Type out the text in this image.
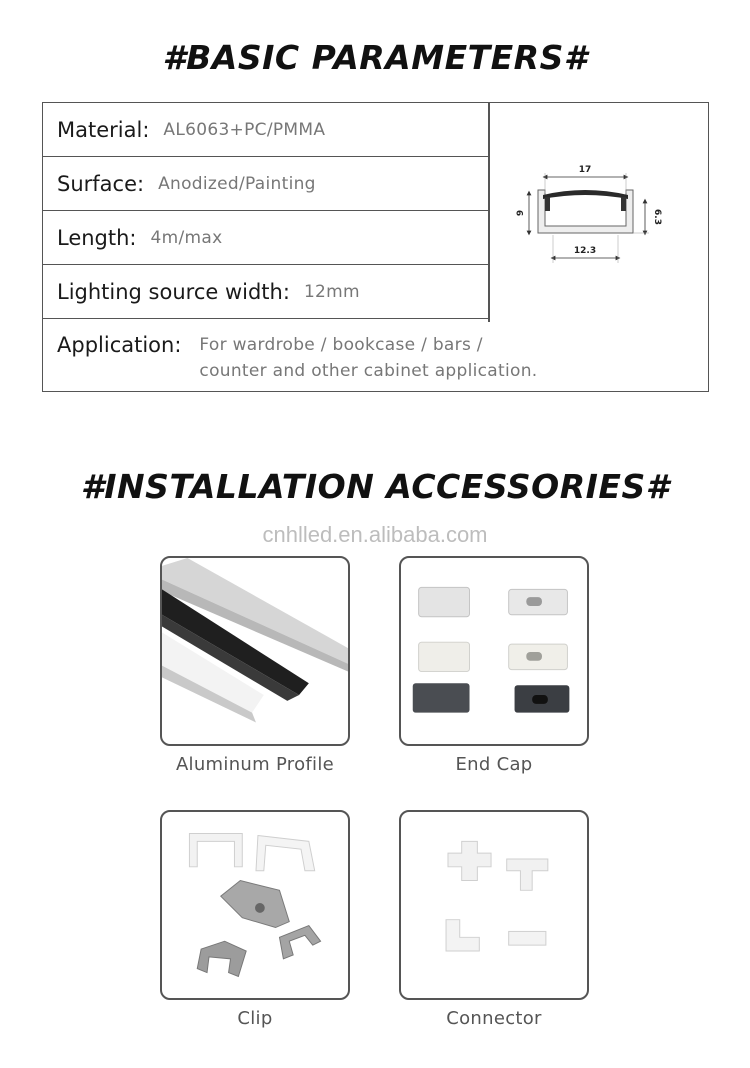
#BASIC PARAMETERS#
Material: AL6063+PC/PMMA
Surface: Anodized/Painting
Length: 4m/max
Lighting source width: 12mm
Application: For wardrobe / bookcase / bars /
counter and other cabinet application.
17
12.3
9	6.3
#INSTALLATION ACCESSORIES#
cnhlled.en.alibaba.com
Aluminum Profile	End Cap
Clip	Connector
